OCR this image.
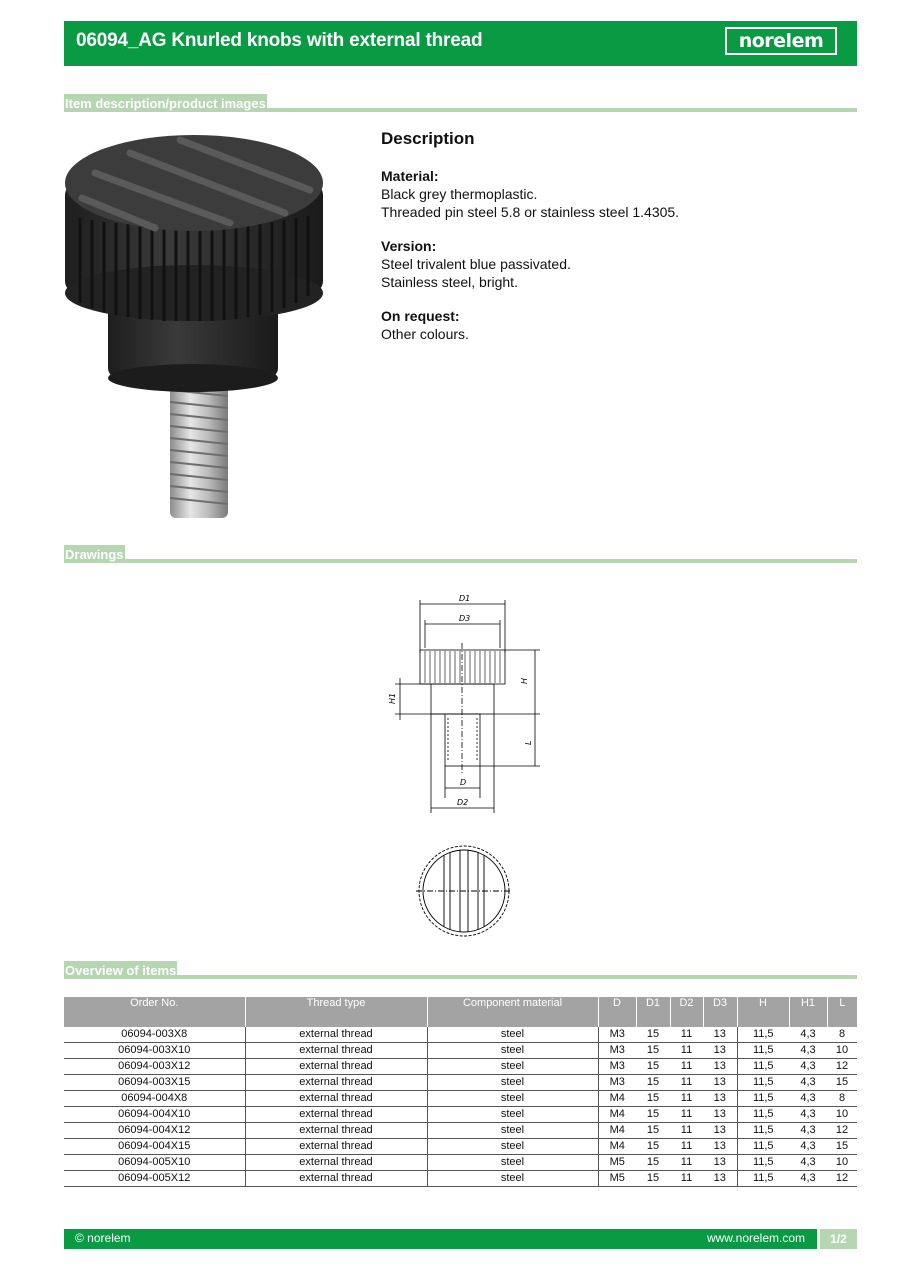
06094_AG Knurled knobs with external thread	norelem
Item description/product images
Description
Material:
Black grey thermoplastic.
Threaded pin steel 5.8 or stainless steel 1.4305.
Version:
Steel trivalent blue passivated.
Stainless steel, bright.
On request:
Other colours.
Drawings
D1
D3
H
H1
L
D
D2
Overview of items
Order No.	Thread type	Component material	D	D1	D2	D3	H	H1	L
06094-003X8	external thread	steel	M3	15	11	13	11,5	4,3	8
06094-003X10	external thread	steel	M3	15	11	13	11,5	4,3	10
06094-003X12	external thread	steel	M3	15	11	13	11,5	4,3	12
06094-003X15	external thread	steel	M3	15	11	13	11,5	4,3	15
06094-004X8	external thread	steel	M4	15	11	13	11,5	4,3	8
06094-004X10	external thread	steel	M4	15	11	13	11,5	4,3	10
06094-004X12	external thread	steel	M4	15	11	13	11,5	4,3	12
06094-004X15	external thread	steel	M4	15	11	13	11,5	4,3	15
06094-005X10	external thread	steel	M5	15	11	13	11,5	4,3	10
06094-005X12	external thread	steel	M5	15	11	13	11,5	4,3	12
© norelem	www.norelem.com	1/2
